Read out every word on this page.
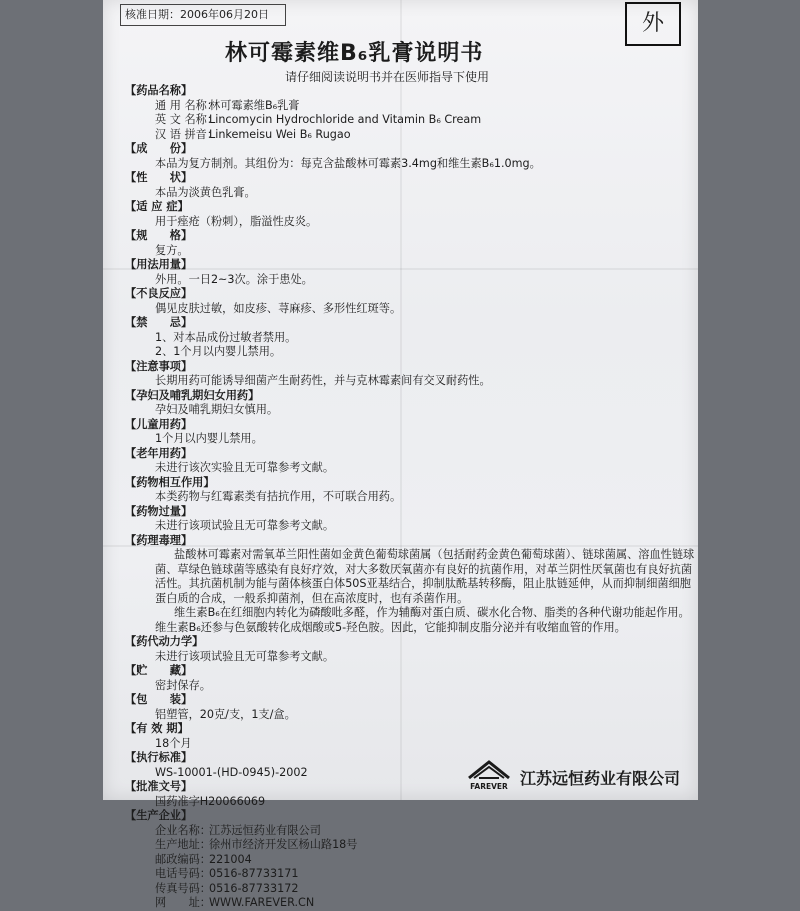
核准日期：2006年06月20日	外
林可霉素维B₆乳膏说明书
请仔细阅读说明书并在医师指导下使用
【药品名称】
通 用 名称：林可霉素维B₆乳膏
英 文 名称：Lincomycin Hydrochloride and Vitamin B₆ Cream
汉 语 拼音：Linkemeisu Wei B₆ Rugao
【成　　份】
本品为复方制剂。其组份为：每克含盐酸林可霉素3.4mg和维生素B₆1.0mg。
【性　　状】
本品为淡黄色乳膏。
【适 应 症】
用于痤疮（粉刺），脂溢性皮炎。
【规　　格】
复方。
【用法用量】
外用。一日2~3次。涂于患处。
【不良反应】
偶见皮肤过敏，如皮疹、荨麻疹、多形性红斑等。
【禁　　忌】
1、对本品成份过敏者禁用。
2、1个月以内婴儿禁用。
【注意事项】
长期用药可能诱导细菌产生耐药性，并与克林霉素间有交叉耐药性。
【孕妇及哺乳期妇女用药】
孕妇及哺乳期妇女慎用。
【儿童用药】
1个月以内婴儿禁用。
【老年用药】
未进行该次实验且无可靠参考文献。
【药物相互作用】
本类药物与红霉素类有拮抗作用，不可联合用药。
【药物过量】
未进行该项试验且无可靠参考文献。
【药理毒理】
盐酸林可霉素对需氧革兰阳性菌如金黄色葡萄球菌属（包括耐药金黄色葡萄球菌）、链球菌属、溶血性链球菌、草绿色链球菌等感染有良好疗效，对大多数厌氧菌亦有良好的抗菌作用，对革兰阴性厌氧菌也有良好抗菌活性。其抗菌机制为能与菌体核蛋白体50S亚基结合，抑制肽酰基转移酶，阻止肽链延伸，从而抑制细菌细胞蛋白质的合成，一般系抑菌剂，但在高浓度时，也有杀菌作用。
维生素B₆在红细胞内转化为磷酸吡多醛，作为辅酶对蛋白质、碳水化合物、脂类的各种代谢功能起作用。维生素B₆还参与色氨酸转化成烟酸或5-羟色胺。因此，它能抑制皮脂分泌并有收缩血管的作用。
【药代动力学】
未进行该项试验且无可靠参考文献。
【贮　　藏】
密封保存。
【包　　装】
铝塑管，20克/支，1支/盒。
【有 效 期】
18个月
【执行标准】
WS-10001-(HD-0945)-2002
【批准文号】
国药准字H20066069
【生产企业】
企业名称：江苏远恒药业有限公司
生产地址：徐州市经济开发区杨山路18号
邮政编码：221004
电话号码：0516-87733171
传真号码：0516-87733172
网　　址：WWW.FAREVER.CN
FAREVER 江苏远恒药业有限公司
